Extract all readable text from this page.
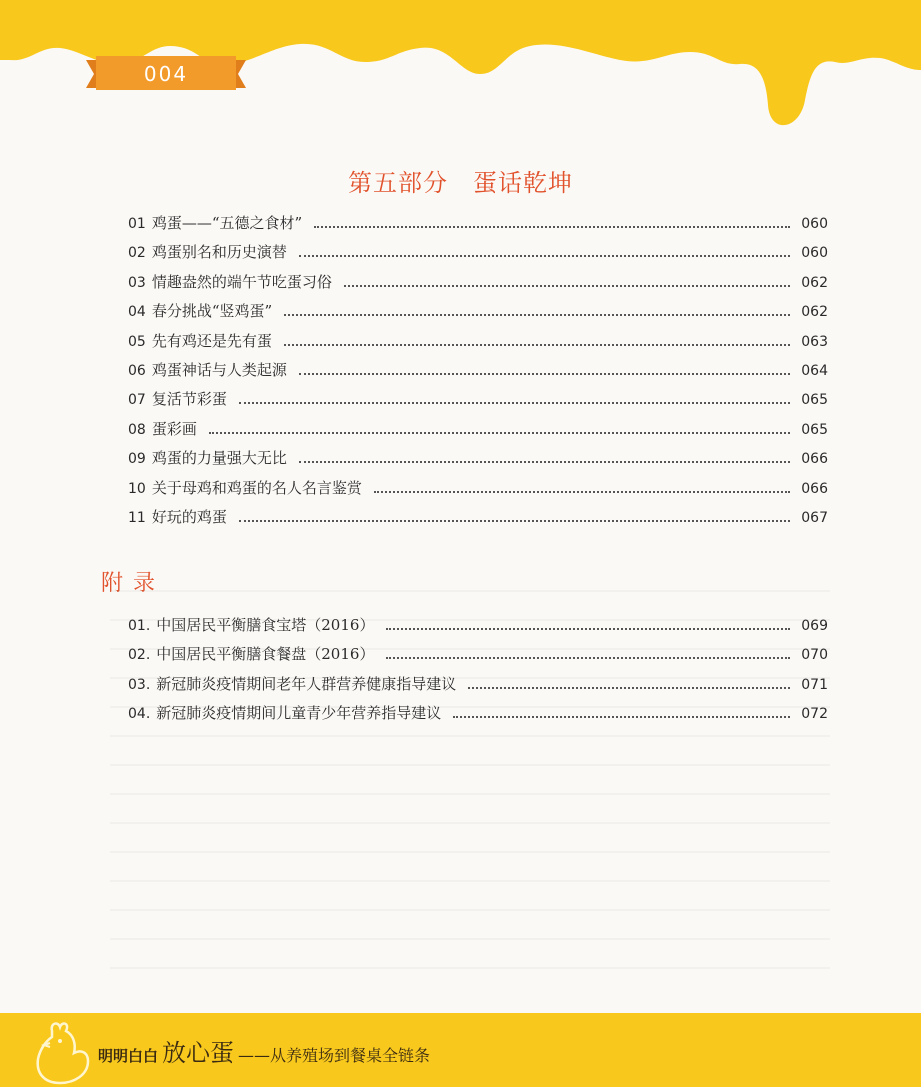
004
第五部分　蛋话乾坤
01 鸡蛋——“五德之食材”	060
02 鸡蛋别名和历史演替	060
03 情趣盎然的端午节吃蛋习俗	062
04 春分挑战“竖鸡蛋”	062
05 先有鸡还是先有蛋	063
06 鸡蛋神话与人类起源	064
07 复活节彩蛋	065
08 蛋彩画	065
09 鸡蛋的力量强大无比	066
10 关于母鸡和鸡蛋的名人名言鉴赏	066
11 好玩的鸡蛋	067
附录
01. 中国居民平衡膳食宝塔（2016）	069
02. 中国居民平衡膳食餐盘（2016）	070
03. 新冠肺炎疫情期间老年人群营养健康指导建议	071
04. 新冠肺炎疫情期间儿童青少年营养指导建议	072
明明白白 放心蛋 ——从养殖场到餐桌全链条
